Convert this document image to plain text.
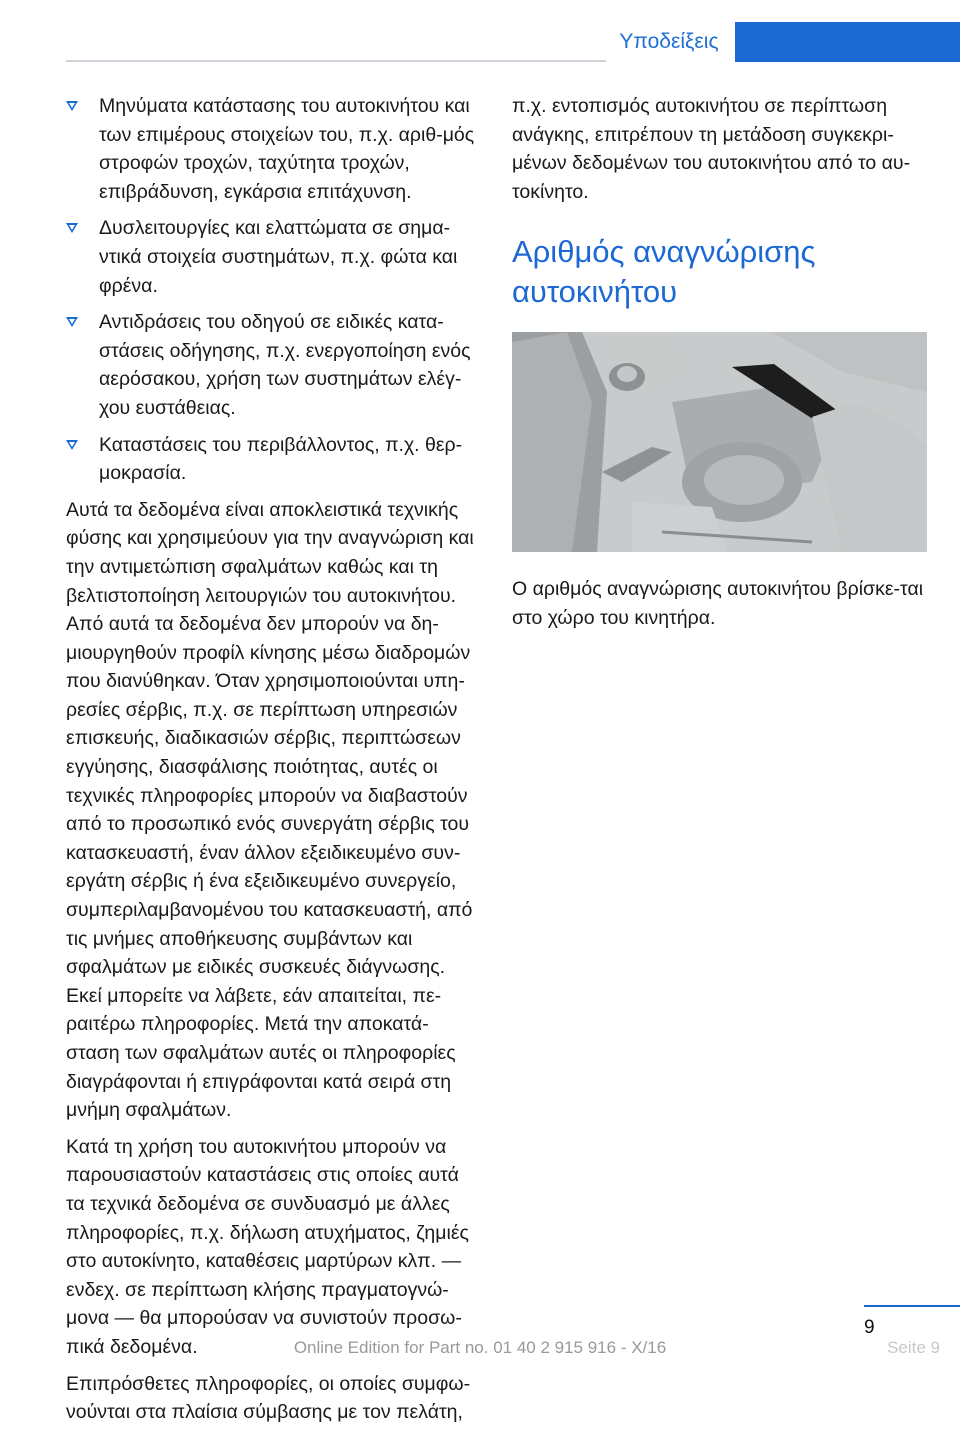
Υποδείξεις
Μηνύματα κατάστασης του αυτοκινήτου και των επιμέρους στοιχείων του, π.χ. αριθ-μός στροφών τροχών, ταχύτητα τροχών, επιβράδυνση, εγκάρσια επιτάχυνση.
Δυσλειτουργίες και ελαττώματα σε σημα-ντικά στοιχεία συστημάτων, π.χ. φώτα και φρένα.
Αντιδράσεις του οδηγού σε ειδικές κατα-στάσεις οδήγησης, π.χ. ενεργοποίηση ενός αερόσακου, χρήση των συστημάτων ελέγ-χου ευστάθειας.
Καταστάσεις του περιβάλλοντος, π.χ. θερ-μοκρασία.

Αυτά τα δεδομένα είναι αποκλειστικά τεχνικής φύσης και χρησιμεύουν για την αναγνώριση και την αντιμετώπιση σφαλμάτων καθώς και τη βελτιστοποίηση λειτουργιών του αυτοκινήτου. Από αυτά τα δεδομένα δεν μπορούν να δη-μιουργηθούν προφίλ κίνησης μέσω διαδρομών που διανύθηκαν. Όταν χρησιμοποιούνται υπη-ρεσίες σέρβις, π.χ. σε περίπτωση υπηρεσιών επισκευής, διαδικασιών σέρβις, περιπτώσεων εγγύησης, διασφάλισης ποιότητας, αυτές οι τεχνικές πληροφορίες μπορούν να διαβαστούν από το προσωπικό ενός συνεργάτη σέρβις του κατασκευαστή, έναν άλλον εξειδικευμένο συν-εργάτη σέρβις ή ένα εξειδικευμένο συνεργείο, συμπεριλαμβανομένου του κατασκευαστή, από τις μνήμες αποθήκευσης συμβάντων και σφαλμάτων με ειδικές συσκευές διάγνωσης. Εκεί μπορείτε να λάβετε, εάν απαιτείται, πε-ραιτέρω πληροφορίες. Μετά την αποκατά-σταση των σφαλμάτων αυτές οι πληροφορίες διαγράφονται ή επιγράφονται κατά σειρά στη μνήμη σφαλμάτων.

Κατά τη χρήση του αυτοκινήτου μπορούν να παρουσιαστούν καταστάσεις στις οποίες αυτά τα τεχνικά δεδομένα σε συνδυασμό με άλλες πληροφορίες, π.χ. δήλωση ατυχήματος, ζημιές στο αυτοκίνητο, καταθέσεις μαρτύρων κλπ. — ενδεχ. σε περίπτωση κλήσης πραγματογνώ-μονα — θα μπορούσαν να συνιστούν προσω-πικά δεδομένα.

Επιπρόσθετες πληροφορίες, οι οποίες συμφω-νούνται στα πλαίσια σύμβασης με τον πελάτη,

π.χ. εντοπισμός αυτοκινήτου σε περίπτωση ανάγκης, επιτρέπουν τη μετάδοση συγκεκρι-μένων δεδομένων του αυτοκινήτου από το αυ-τοκίνητο.

Αριθμός αναγνώρισης αυτοκινήτου

Ο αριθμός αναγνώρισης αυτοκινήτου βρίσκε-ται στο χώρο του κινητήρα.

9
Online Edition for Part no. 01 40 2 915 916 - X/16	Seite 9
